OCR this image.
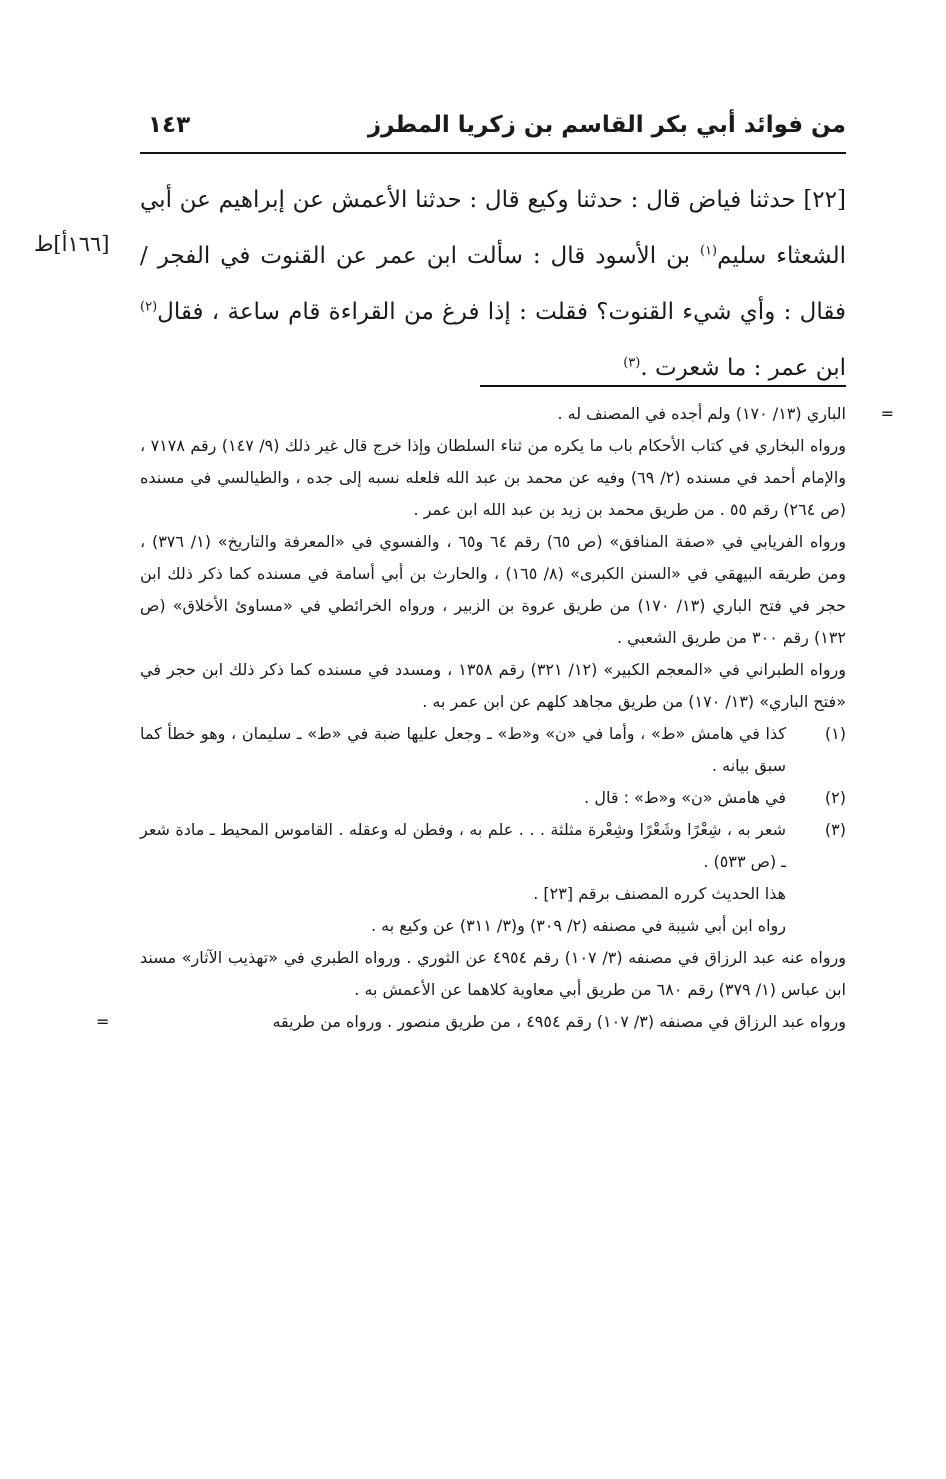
من فوائد أبي بكر القاسم بن زكريا المطرز
١٤٣

[٢٢] حدثنا فياض قال : حدثنا وكيع قال : حدثنا الأعمش عن إبراهيم عن أبي الشعثاء سليم$^{(١)}$ بن الأسود قال : سألت ابن عمر عن القنوت في الفجر / فقال : وأي شيء القنوت؟ فقلت : إذا فرغ من القراءة قام ساعة ، فقال$^{(٢)}$ ابن عمر : ما شعرت .$^{(٣)}$

[١٦٦أ]ط

=
الباري (١٣/ ١٧٠) ولم أجده في المصنف له .

ورواه البخاري في كتاب الأحكام باب ما يكره من ثناء السلطان وإذا خرج قال غير ذلك (٩/ ١٤٧) رقم ٧١٧٨ ، والإمام أحمد في مسنده (٢/ ٦٩) وفيه عن محمد بن عبد الله فلعله نسبه إلى جده ، والطيالسي في مسنده (ص ٢٦٤) رقم ٥٥ . من طريق محمد بن زيد بن عبد الله ابن عمر .

ورواه الفريابي في «صفة المنافق» (ص ٦٥) رقم ٦٤ و٦٥ ، والفسوي في «المعرفة والتاريخ» (١/ ٣٧٦) ، ومن طريقه البيهقي في «السنن الكبرى» (٨/ ١٦٥) ، والحارث بن أبي أسامة في مسنده كما ذكر ذلك ابن حجر في فتح الباري (١٣/ ١٧٠) من طريق عروة بن الزبير ، ورواه الخرائطي في «مساوئ الأخلاق» (ص ١٣٢) رقم ٣٠٠ من طريق الشعبي .

ورواه الطبراني في «المعجم الكبير» (١٢/ ٣٢١) رقم ١٣٥٨ ، ومسدد في مسنده كما ذكر ذلك ابن حجر في «فتح الباري» (١٣/ ١٧٠) من طريق مجاهد كلهم عن ابن عمر به .

(١)
كذا في هامش «ط» ، وأما في «ن» و«ط» ـ وجعل عليها ضبة في «ط» ـ سليمان ، وهو خطأ كما سبق بيانه .

(٢)
في هامش «ن» و«ط» : قال .

(٣)
شعر به ، شِعْرًا وشَعْرًا وشِعْرة مثلثة . . . علم به ، وفطن له وعقله . القاموس المحيط ـ مادة شعر ـ (ص ٥٣٣) .

هذا الحديث كرره المصنف برقم [٢٣] .

رواه ابن أبي شيبة في مصنفه (٢/ ٣٠٩) و(٣/ ٣١١) عن وكيع به .

ورواه عنه عبد الرزاق في مصنفه (٣/ ١٠٧) رقم ٤٩٥٤ عن الثوري . ورواه الطبري في «تهذيب الآثار» مسند ابن عباس (١/ ٣٧٩) رقم ٦٨٠ من طريق أبي معاوية كلاهما عن الأعمش به .

ورواه عبد الرزاق في مصنفه (٣/ ١٠٧) رقم ٤٩٥٤ ، من طريق منصور . ورواه من طريقه
=
